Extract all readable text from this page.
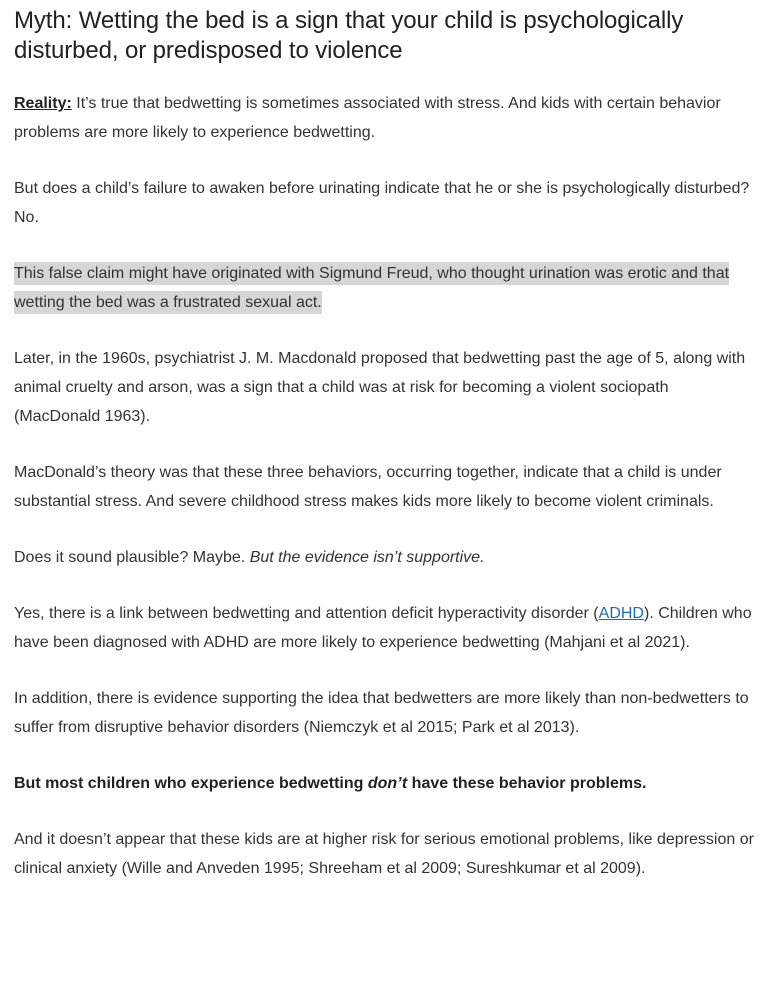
Myth: Wetting the bed is a sign that your child is psychologically disturbed, or predisposed to violence

Reality: It’s true that bedwetting is sometimes associated with stress. And kids with certain behavior problems are more likely to experience bedwetting.

But does a child’s failure to awaken before urinating indicate that he or she is psychologically disturbed? No.

This false claim might have originated with Sigmund Freud, who thought urination was erotic and that wetting the bed was a frustrated sexual act.

Later, in the 1960s, psychiatrist J. M. Macdonald proposed that bedwetting past the age of 5, along with animal cruelty and arson, was a sign that a child was at risk for becoming a violent sociopath (MacDonald 1963).

MacDonald’s theory was that these three behaviors, occurring together, indicate that a child is under substantial stress. And severe childhood stress makes kids more likely to become violent criminals.

Does it sound plausible? Maybe. But the evidence isn’t supportive.

Yes, there is a link between bedwetting and attention deficit hyperactivity disorder (ADHD). Children who have been diagnosed with ADHD are more likely to experience bedwetting (Mahjani et al 2021).

In addition, there is evidence supporting the idea that bedwetters are more likely than non-bedwetters to suffer from disruptive behavior disorders (Niemczyk et al 2015; Park et al 2013).

But most children who experience bedwetting don’t have these behavior problems.

And it doesn’t appear that these kids are at higher risk for serious emotional problems, like depression or clinical anxiety (Wille and Anveden 1995; Shreeham et al 2009; Sureshkumar et al 2009).
